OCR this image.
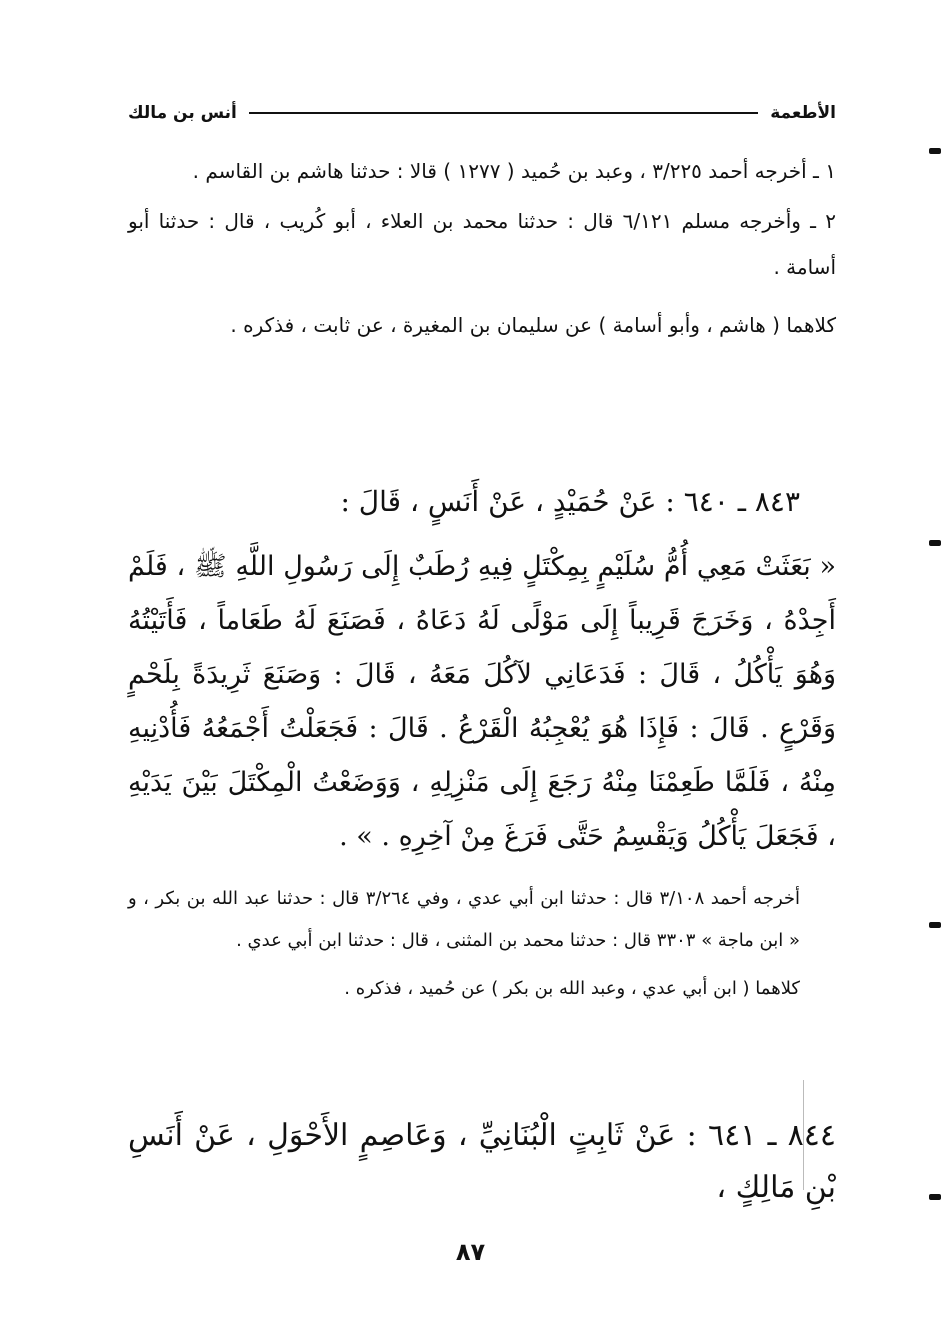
الأطعمة
أنس بن مالك

١ ـ أخرجه أحمد ٣/٢٢٥ ، وعبد بن حُميد ( ١٢٧٧ ) قالا : حدثنا هاشم بن القاسم .

٢ ـ وأخرجه مسلم ٦/١٢١ قال : حدثنا محمد بن العلاء ، أبو كُريب ، قال : حدثنا أبو أسامة .

كلاهما ( هاشم ، وأبو أسامة ) عن سليمان بن المغيرة ، عن ثابت ، فذكره .

٨٤٣ ـ ٦٤٠ : عَنْ حُمَيْدٍ ، عَنْ أَنَسٍ ، قَالَ :
« بَعَثَتْ مَعِي أُمُّ سُلَيْمٍ بِمِكْتَلٍ فِيهِ رُطَبٌ إِلَى رَسُولِ اللَّهِ ﷺ ، فَلَمْ أَجِدْهُ ، وَخَرَجَ قَرِيباً إِلَى مَوْلًى لَهُ دَعَاهُ ، فَصَنَعَ لَهُ طَعَاماً ، فَأَتَيْتُهُ وَهُوَ يَأْكُلُ ، قَالَ : فَدَعَانِي لآكُلَ مَعَهُ ، قَالَ : وَصَنَعَ ثَرِيدَةً بِلَحْمٍ وَقَرْعٍ . قَالَ : فَإِذَا هُوَ يُعْجِبُهُ الْقَرْعُ . قَالَ : فَجَعَلْتُ أَجْمَعُهُ فَأُدْنِيهِ مِنْهُ ، فَلَمَّا طَعِمْنَا مِنْهُ رَجَعَ إِلَى مَنْزِلِهِ ، وَوَضَعْتُ الْمِكْتَلَ بَيْنَ يَدَيْهِ ، فَجَعَلَ يَأْكُلُ وَيَقْسِمُ حَتَّى فَرَغَ مِنْ آخِرِهِ . » .

أخرجه أحمد ٣/١٠٨ قال : حدثنا ابن أبي عدي ، وفي ٣/٢٦٤ قال : حدثنا عبد الله بن بكر ، و « ابن ماجة » ٣٣٠٣ قال : حدثنا محمد بن المثنى ، قال : حدثنا ابن أبي عدي .

كلاهما ( ابن أبي عدي ، وعبد الله بن بكر ) عن حُميد ، فذكره .

٨٤٤ ـ ٦٤١ : عَنْ ثَابِتٍ الْبُنَانِيِّ ، وَعَاصِمٍ الأَحْوَلِ ، عَنْ أَنَسِ بْنِ مَالِكٍ ،
٨٧
